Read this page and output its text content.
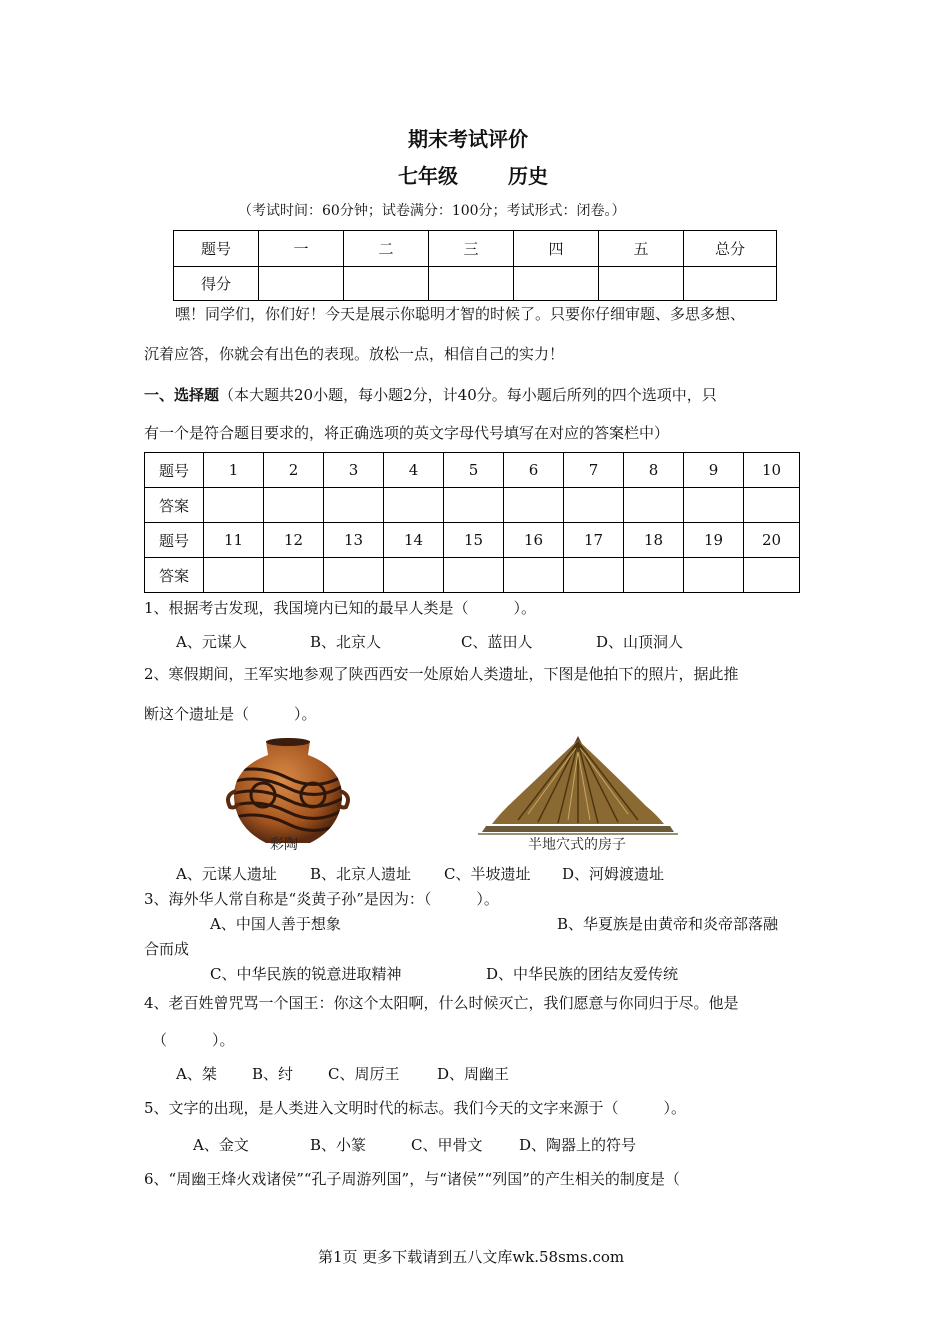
期末考试评价
七年级	历史
（考试时间：60分钟；试卷满分：100分；考试形式：闭卷。）
题号	一	二	三	四	五	总分
得分						
嘿！同学们，你们好！今天是展示你聪明才智的时候了。只要你仔细审题、多思多想、
沉着应答，你就会有出色的表现。放松一点，相信自己的实力！
一、选择题（本大题共20小题，每小题2分，计40分。每小题后所列的四个选项中，只
有一个是符合题目要求的，将正确选项的英文字母代号填写在对应的答案栏中）
题号	1	2	3	4	5	6	7	8	9	10
答案										
题号	11	12	13	14	15	16	17	18	19	20
答案										
1、根据考古发现，我国境内已知的最早人类是（　　　）。
A、元谋人	B、北京人	C、蓝田人	D、山顶洞人
2、寒假期间，王军实地参观了陕西西安一处原始人类遗址，下图是他拍下的照片，据此推
断这个遗址是（　　　）。
彩陶	半地穴式的房子
A、元谋人遗址 B、北京人遗址 C、半坡遗址 D、河姆渡遗址
3、海外华人常自称是“炎黄子孙”是因为：（　　　）。
A、中国人善于想象	B、华夏族是由黄帝和炎帝部落融
合而成
C、中华民族的锐意进取精神	D、中华民族的团结友爱传统
4、老百姓曾咒骂一个国王：你这个太阳啊，什么时候灭亡，我们愿意与你同归于尽。他是
（　　　）。
A、桀 B、纣 C、周厉王	D、周幽王
5、文字的出现，是人类进入文明时代的标志。我们今天的文字来源于（　　　）。
A、金文	B、小篆	C、甲骨文 D、陶器上的符号
6、“周幽王烽火戏诸侯”“孔子周游列国”，与“诸侯”“列国”的产生相关的制度是（
第1页 更多下载请到五八文库wk.58sms.com
